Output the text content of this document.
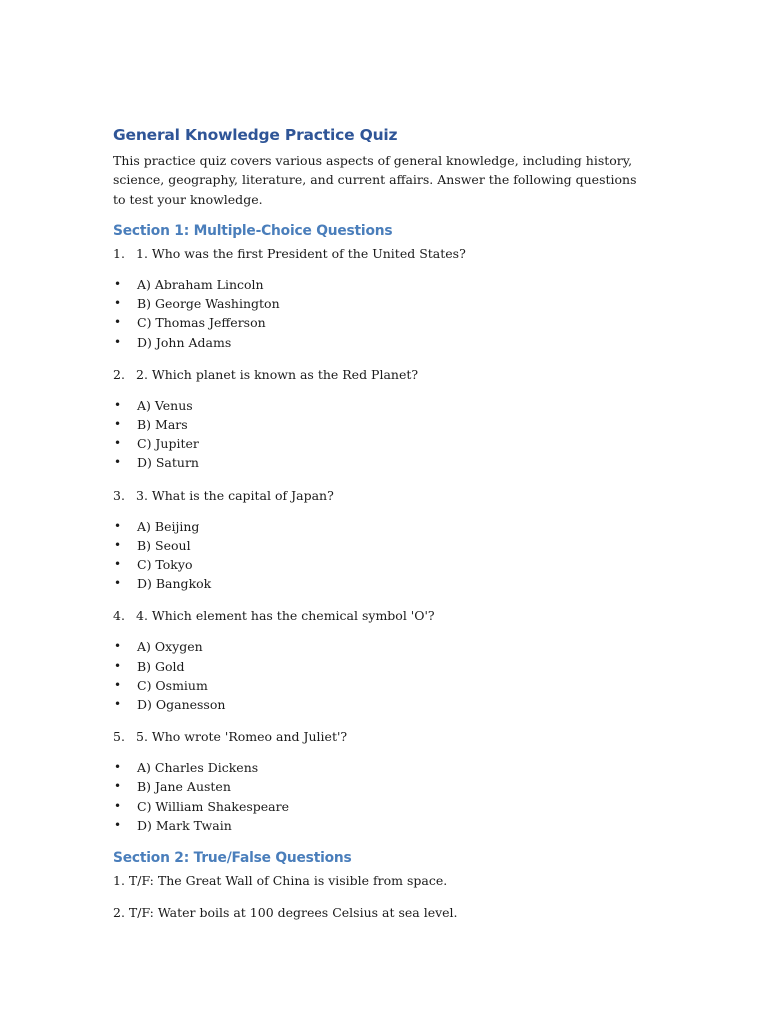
General Knowledge Practice Quiz

This practice quiz covers various aspects of general knowledge, including history, science, geography, literature, and current affairs. Answer the following questions to test your knowledge.

Section 1: Multiple-Choice Questions
1. 1. Who was the first President of the United States?
•	A) Abraham Lincoln
•	B) George Washington
•	C) Thomas Jefferson
•	D) John Adams
2. 2. Which planet is known as the Red Planet?
•	A) Venus
•	B) Mars
•	C) Jupiter
•	D) Saturn
3. 3. What is the capital of Japan?
•	A) Beijing
•	B) Seoul
•	C) Tokyo
•	D) Bangkok
4. 4. Which element has the chemical symbol 'O'?
•	A) Oxygen
•	B) Gold
•	C) Osmium
•	D) Oganesson
5. 5. Who wrote 'Romeo and Juliet'?
•	A) Charles Dickens
•	B) Jane Austen
•	C) William Shakespeare
•	D) Mark Twain
Section 2: True/False Questions

1. T/F: The Great Wall of China is visible from space.

2. T/F: Water boils at 100 degrees Celsius at sea level.
